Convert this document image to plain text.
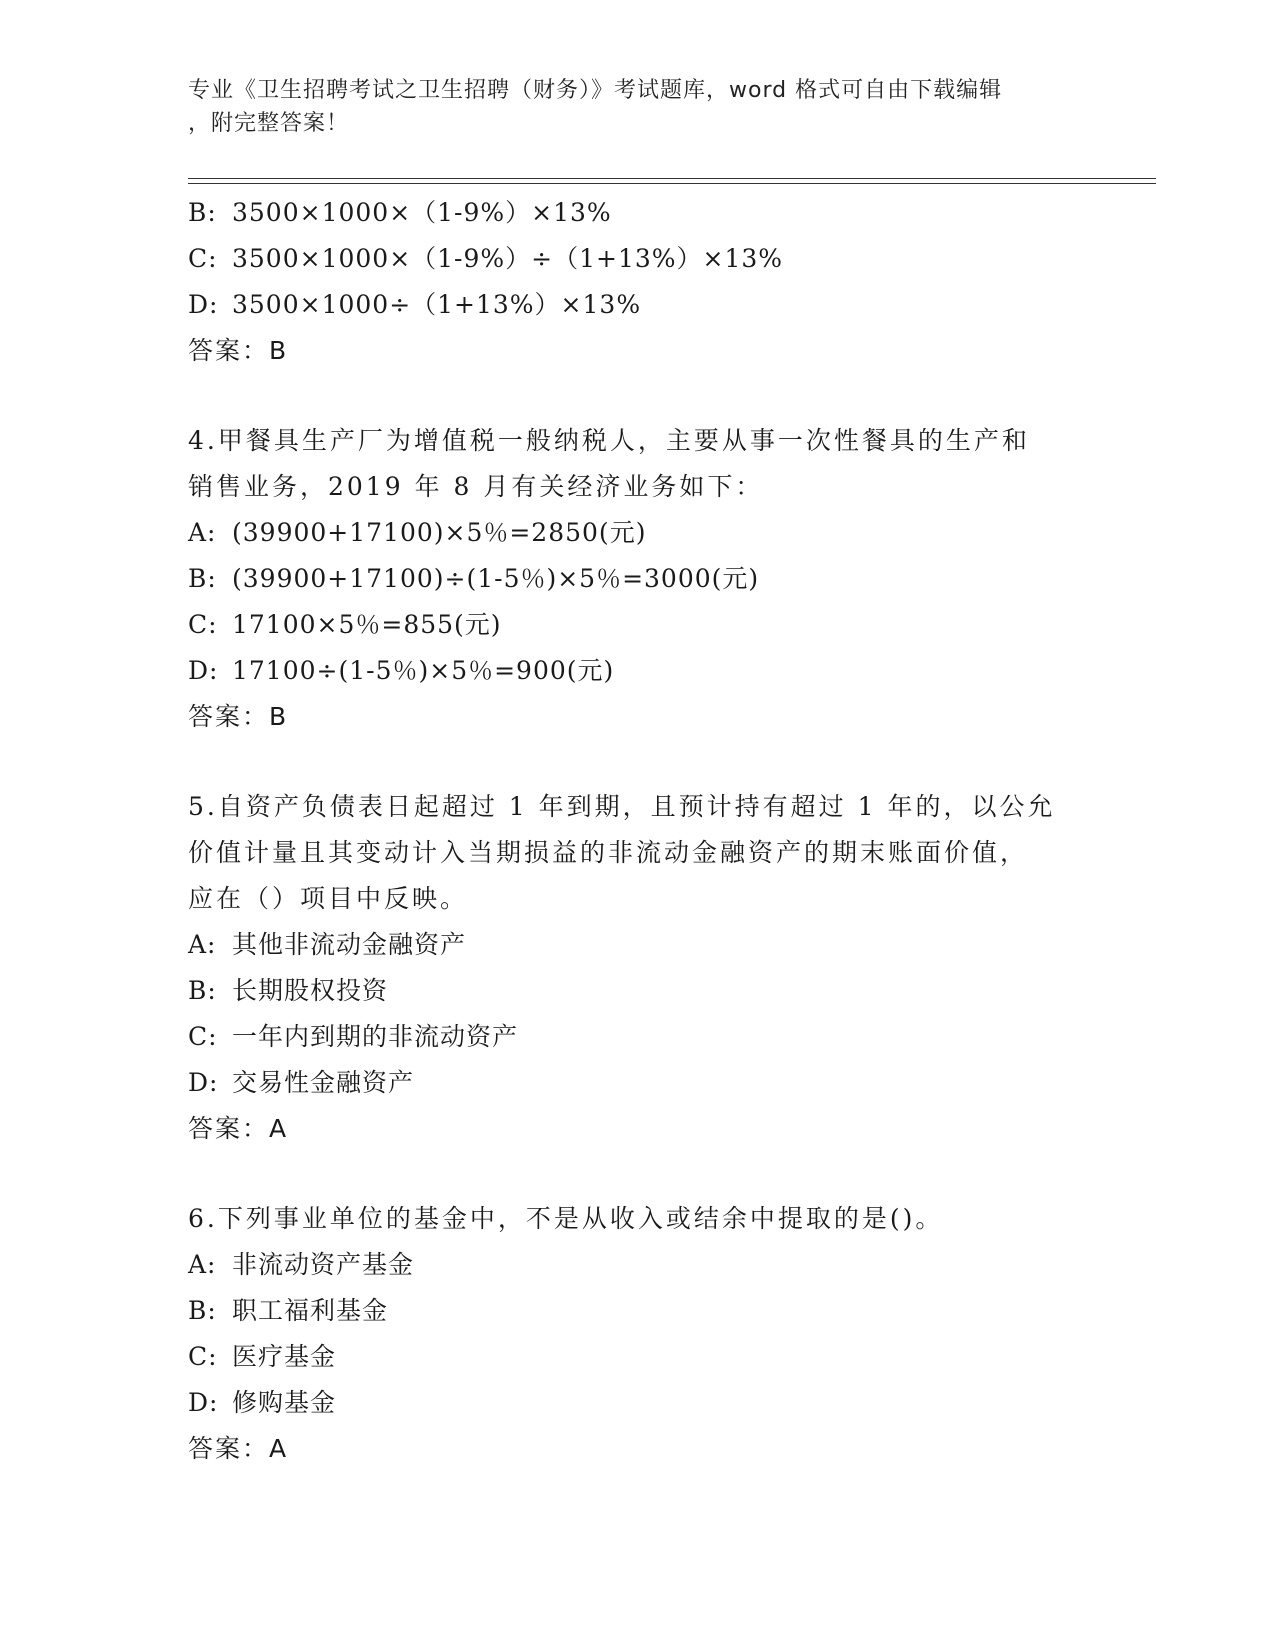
专业《卫生招聘考试之卫生招聘（财务）》考试题库，word 格式可自由下载编辑
，附完整答案！
B: 3500×1000×（1-9%）×13%
C: 3500×1000×（1-9%）÷（1+13%）×13%
D: 3500×1000÷（1+13%）×13%
答案：B
4.甲餐具生产厂为增值税一般纳税人，主要从事一次性餐具的生产和
销售业务，2019 年 8 月有关经济业务如下：
A: (39900+17100)×5％=2850(元)
B: (39900+17100)÷(1-5％)×5％=3000(元)
C: 17100×5％=855(元)
D: 17100÷(1-5％)×5％=900(元)
答案：B
5.自资产负债表日起超过 1 年到期，且预计持有超过 1 年的，以公允
价值计量且其变动计入当期损益的非流动金融资产的期末账面价值，
应在（）项目中反映。
A: 其他非流动金融资产
B: 长期股权投资
C: 一年内到期的非流动资产
D: 交易性金融资产
答案：A
6.下列事业单位的基金中，不是从收入或结余中提取的是()。
A: 非流动资产基金
B: 职工福利基金
C: 医疗基金
D: 修购基金
答案：A
